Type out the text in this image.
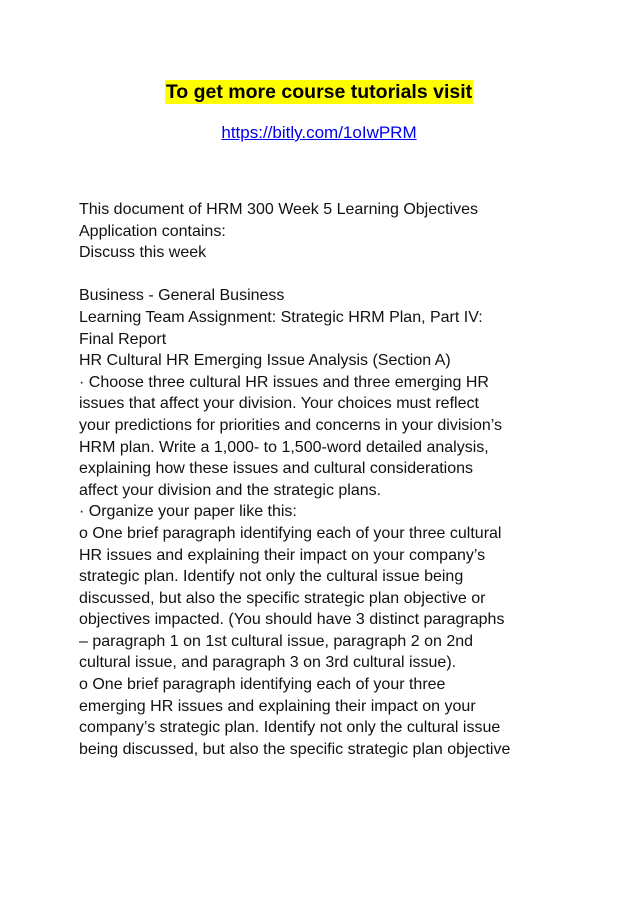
To get more course tutorials visit
https://bitly.com/1oIwPRM
This document of HRM 300 Week 5 Learning Objectives
Application contains:
Discuss this week
Business - General Business
Learning Team Assignment: Strategic HRM Plan, Part IV:
Final Report
HR Cultural HR Emerging Issue Analysis (Section A)
· Choose three cultural HR issues and three emerging HR
issues that affect your division. Your choices must reflect
your predictions for priorities and concerns in your division’s
HRM plan. Write a 1,000- to 1,500-word detailed analysis,
explaining how these issues and cultural considerations
affect your division and the strategic plans.
· Organize your paper like this:
o One brief paragraph identifying each of your three cultural
HR issues and explaining their impact on your company’s
strategic plan. Identify not only the cultural issue being
discussed, but also the specific strategic plan objective or
objectives impacted. (You should have 3 distinct paragraphs
– paragraph 1 on 1st cultural issue, paragraph 2 on 2nd
cultural issue, and paragraph 3 on 3rd cultural issue).
o One brief paragraph identifying each of your three
emerging HR issues and explaining their impact on your
company’s strategic plan. Identify not only the cultural issue
being discussed, but also the specific strategic plan objective
